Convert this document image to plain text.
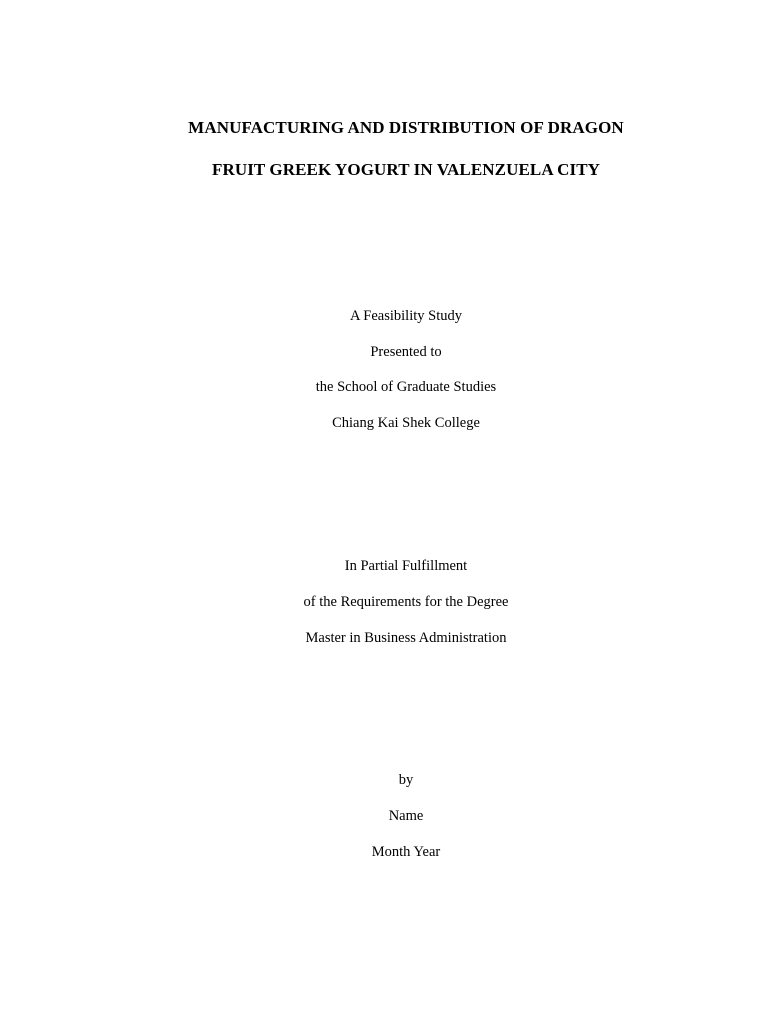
MANUFACTURING AND DISTRIBUTION OF DRAGON
FRUIT GREEK YOGURT IN VALENZUELA CITY
A Feasibility Study
Presented to
the School of Graduate Studies
Chiang Kai Shek College
In Partial Fulfillment
of the Requirements for the Degree
Master in Business Administration
by
Name
Month Year
